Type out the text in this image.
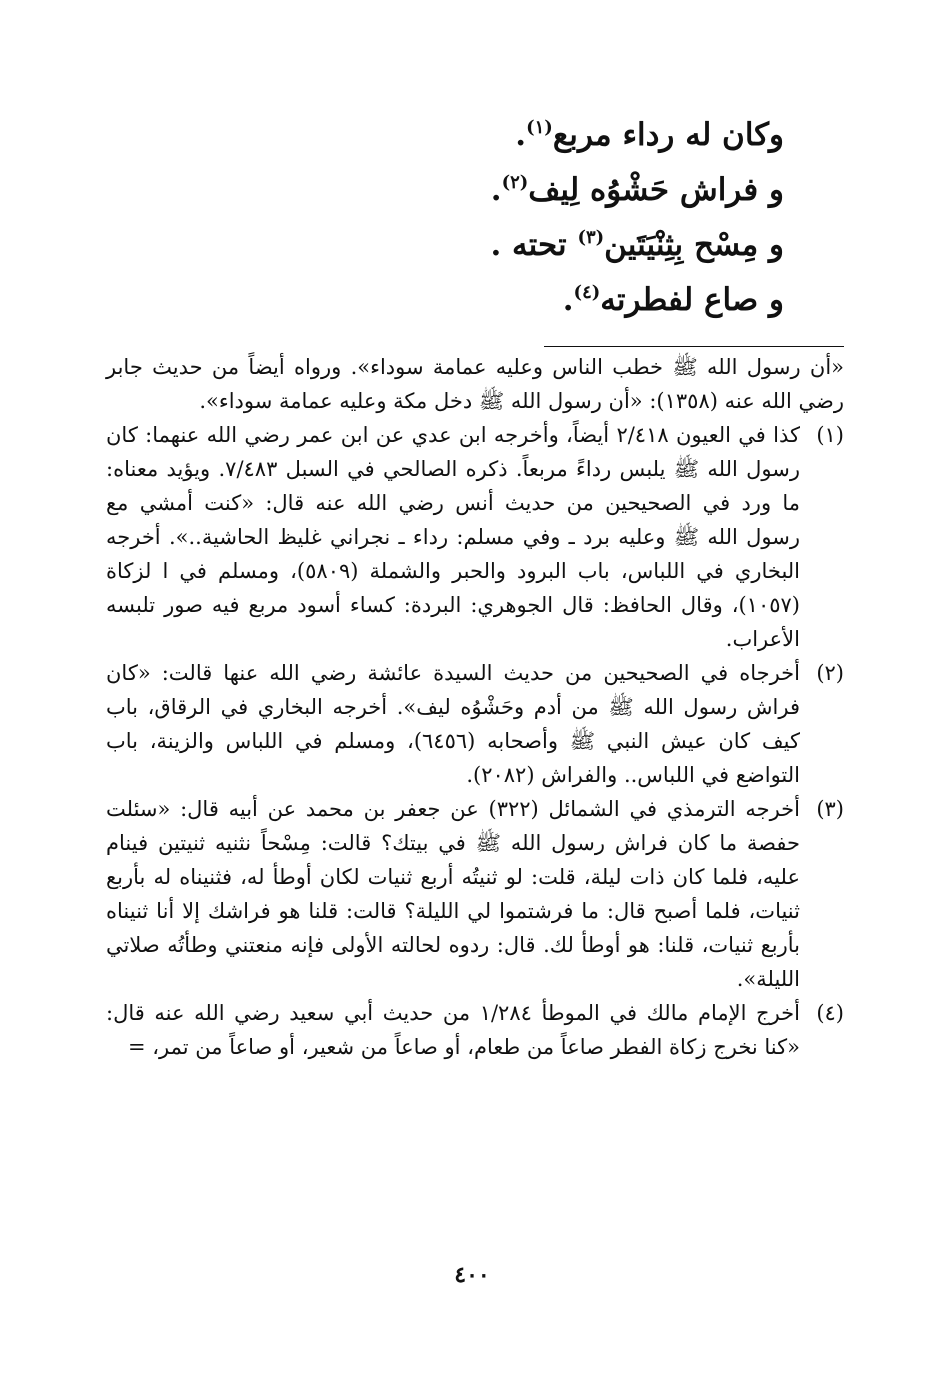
وكان له رداء مربع$^{(١)}$.
و فراش حَشْوُه لِيف$^{(٢)}$.
و مِسْح بِثِنْيَتَين$^{(٣)}$ تحته .
و صاع لفطرته$^{(٤)}$.
«أن رسول الله ﷺ خطب الناس وعليه عمامة سوداء». ورواه أيضاً من حديث جابر رضي الله عنه (١٣٥٨): «أن رسول الله ﷺ دخل مكة وعليه عمامة سوداء».
(١)
كذا في العيون ٢/٤١٨ أيضاً، وأخرجه ابن عدي عن ابن عمر رضي الله عنهما: كان رسول الله ﷺ يلبس رداءً مربعاً. ذكره الصالحي في السبل ٧/٤٨٣. ويؤيد معناه: ما ورد في الصحيحين من حديث أنس رضي الله عنه قال: «كنت أمشي مع رسول الله ﷺ وعليه برد ـ وفي مسلم: رداء ـ نجراني غليظ الحاشية..». أخرجه البخاري في اللباس، باب البرود والحبر والشملة (٥٨٠٩)، ومسلم في ا لزكاة (١٠٥٧)، وقال الحافظ: قال الجوهري: البردة: كساء أسود مربع فيه صور تلبسه الأعراب.
(٢)
أخرجاه في الصحيحين من حديث السيدة عائشة رضي الله عنها قالت: «كان فراش رسول الله ﷺ من أدم وحَشْوُه ليف». أخرجه البخاري في الرقاق، باب كيف كان عيش النبي ﷺ وأصحابه (٦٤٥٦)، ومسلم في اللباس والزينة، باب التواضع في اللباس.. والفراش (٢٠٨٢).
(٣)
أخرجه الترمذي في الشمائل (٣٢٢) عن جعفر بن محمد عن أبيه قال: «سئلت حفصة ما كان فراش رسول الله ﷺ في بيتك؟ قالت: مِسْحاً نثنيه ثنيتين فينام عليه، فلما كان ذات ليلة، قلت: لو ثنيتُه أربع ثنيات لكان أوطأ له، فثنيناه له بأربع ثنيات، فلما أصبح قال: ما فرشتموا لي الليلة؟ قالت: قلنا هو فراشك إلا أنا ثنيناه بأربع ثنيات، قلنا: هو أوطأ لك. قال: ردوه لحالته الأولى فإنه منعتني وطأتُه صلاتي الليلة».
(٤)
أخرج الإمام مالك في الموطأ ١/٢٨٤ من حديث أبي سعيد رضي الله عنه قال: «كنا نخرج زكاة الفطر صاعاً من طعام، أو صاعاً من شعير، أو صاعاً من تمر، =
٤٠٠
